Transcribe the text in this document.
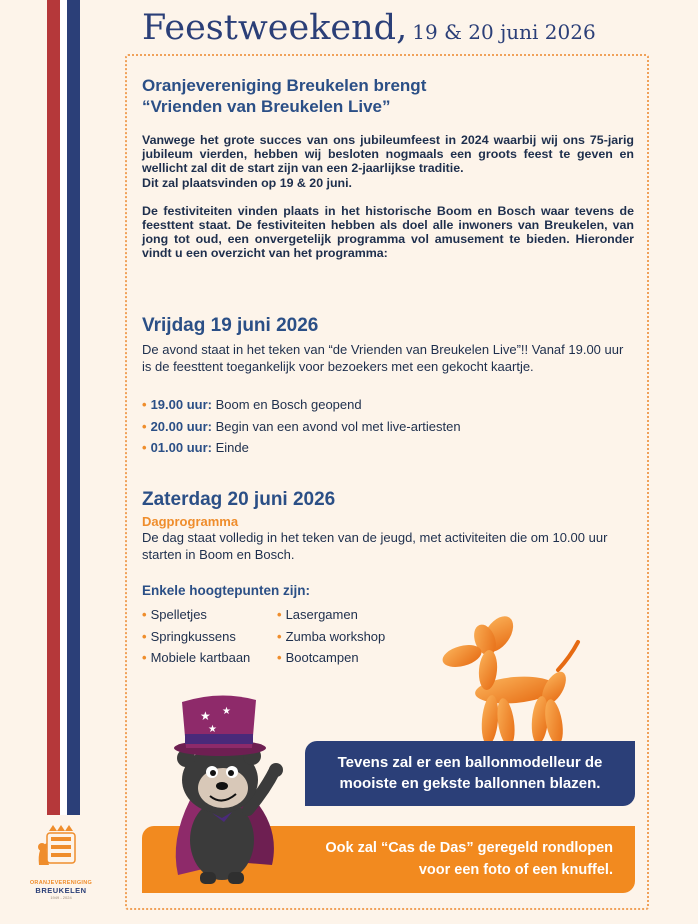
Feestweekend, 19 & 20 juni 2026
Oranjevereniging Breukelen brengt
“Vrienden van Breukelen Live”

Vanwege het grote succes van ons jubileumfeest in 2024 waarbij wij ons 75-jarig jubileum vierden, hebben wij besloten nogmaals een groots feest te geven en wellicht zal dit de start zijn van een 2-jaarlijkse traditie.
Dit zal plaatsvinden op 19 & 20 juni.

De festiviteiten vinden plaats in het historische Boom en Bosch waar tevens de feesttent staat. De festiviteiten hebben als doel alle inwoners van Breukelen, van jong tot oud, een onvergetelijk programma vol amusement te bieden. Hieronder vindt u een overzicht van het programma:

Vrijdag 19 juni 2026
De avond staat in het teken van “de Vrienden van Breukelen Live”!! Vanaf 19.00 uur is de feesttent toegankelijk voor bezoekers met een gekocht kaartje.
• 19.00 uur: Boom en Bosch geopend
• 20.00 uur: Begin van een avond vol met live-artiesten
• 01.00 uur: Einde
Zaterdag 20 juni 2026
Dagprogramma
De dag staat volledig in het teken van de jeugd, met activiteiten die om 10.00 uur starten in Boom en Bosch.
Enkele hoogtepunten zijn:
• Spelletjes
• Springkussens
• Mobiele kartbaan
• Lasergamen
• Zumba workshop
• Bootcampen
Tevens zal er een ballonmodelleur de
mooiste en gekste ballonnen blazen.
Ook zal “Cas de Das” geregeld rondlopen
voor een foto of een knuffel.
★ ★
★
ORANJEVERENIGING
BREUKELEN
1949 - 2024
